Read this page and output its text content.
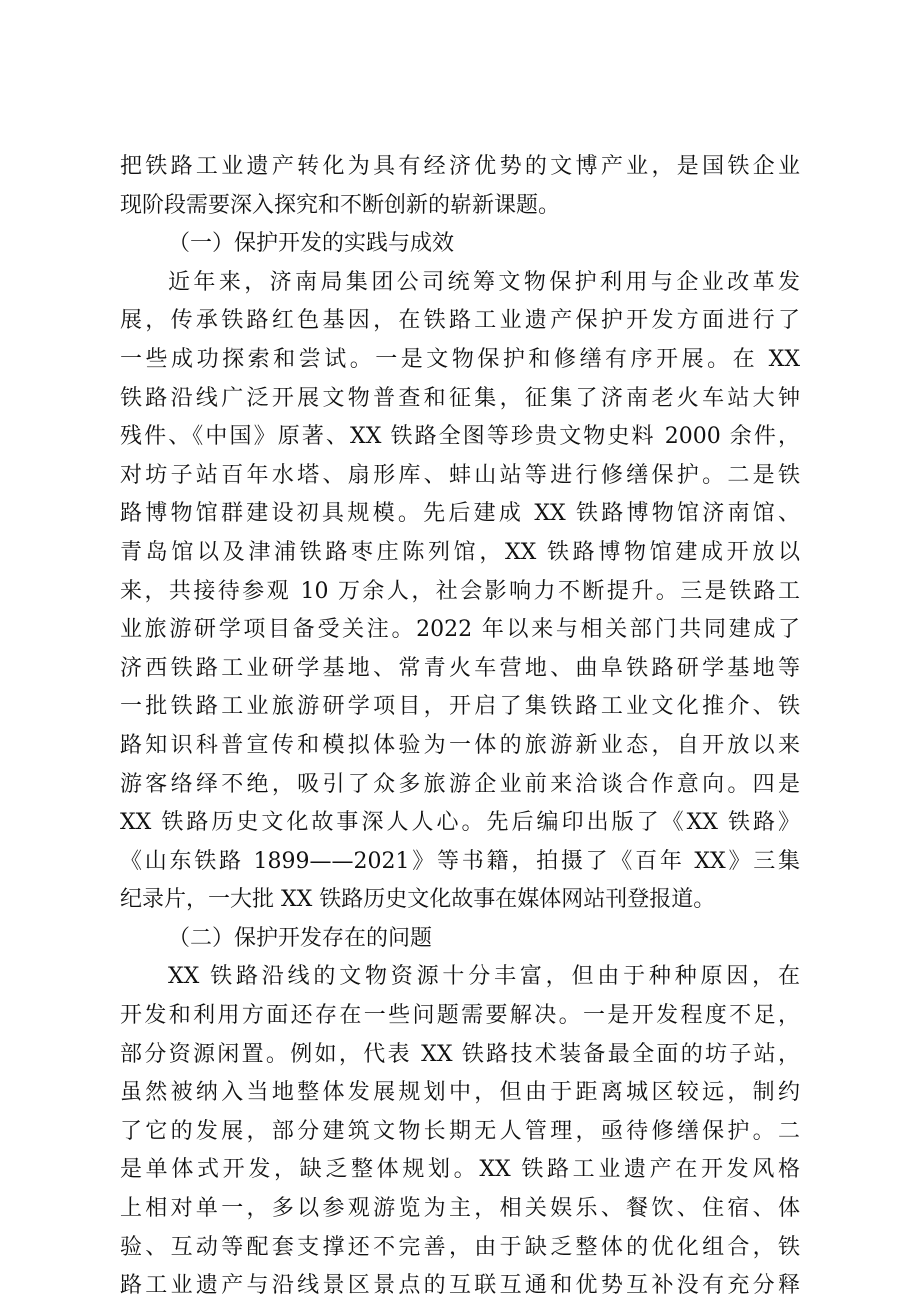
把铁路工业遗产转化为具有经济优势的文博产业，是国铁企业
现阶段需要深入探究和不断创新的崭新课题。
（一）保护开发的实践与成效
近年来，济南局集团公司统筹文物保护利用与企业改革发
展，传承铁路红色基因，在铁路工业遗产保护开发方面进行了
一些成功探索和尝试。一是文物保护和修缮有序开展。在 XX
铁路沿线广泛开展文物普查和征集，征集了济南老火车站大钟
残件、《中国》原著、XX 铁路全图等珍贵文物史料 2000 余件，
对坊子站百年水塔、扇形库、蚌山站等进行修缮保护。二是铁
路博物馆群建设初具规模。先后建成 XX 铁路博物馆济南馆、
青岛馆以及津浦铁路枣庄陈列馆，XX 铁路博物馆建成开放以
来，共接待参观 10 万余人，社会影响力不断提升。三是铁路工
业旅游研学项目备受关注。2022 年以来与相关部门共同建成了
济西铁路工业研学基地、常青火车营地、曲阜铁路研学基地等
一批铁路工业旅游研学项目，开启了集铁路工业文化推介、铁
路知识科普宣传和模拟体验为一体的旅游新业态，自开放以来
游客络绎不绝，吸引了众多旅游企业前来洽谈合作意向。四是
XX 铁路历史文化故事深人人心。先后编印出版了《XX 铁路》
《山东铁路 1899——2021》等书籍，拍摄了《百年 XX》三集
纪录片，一大批 XX 铁路历史文化故事在媒体网站刊登报道。
（二）保护开发存在的问题
XX 铁路沿线的文物资源十分丰富，但由于种种原因，在
开发和利用方面还存在一些问题需要解决。一是开发程度不足，
部分资源闲置。例如，代表 XX 铁路技术装备最全面的坊子站，
虽然被纳入当地整体发展规划中，但由于距离城区较远，制约
了它的发展，部分建筑文物长期无人管理，亟待修缮保护。二
是单体式开发，缺乏整体规划。XX 铁路工业遗产在开发风格
上相对单一，多以参观游览为主，相关娱乐、餐饮、住宿、体
验、互动等配套支撑还不完善，由于缺乏整体的优化组合，铁
路工业遗产与沿线景区景点的互联互通和优势互补没有充分释
